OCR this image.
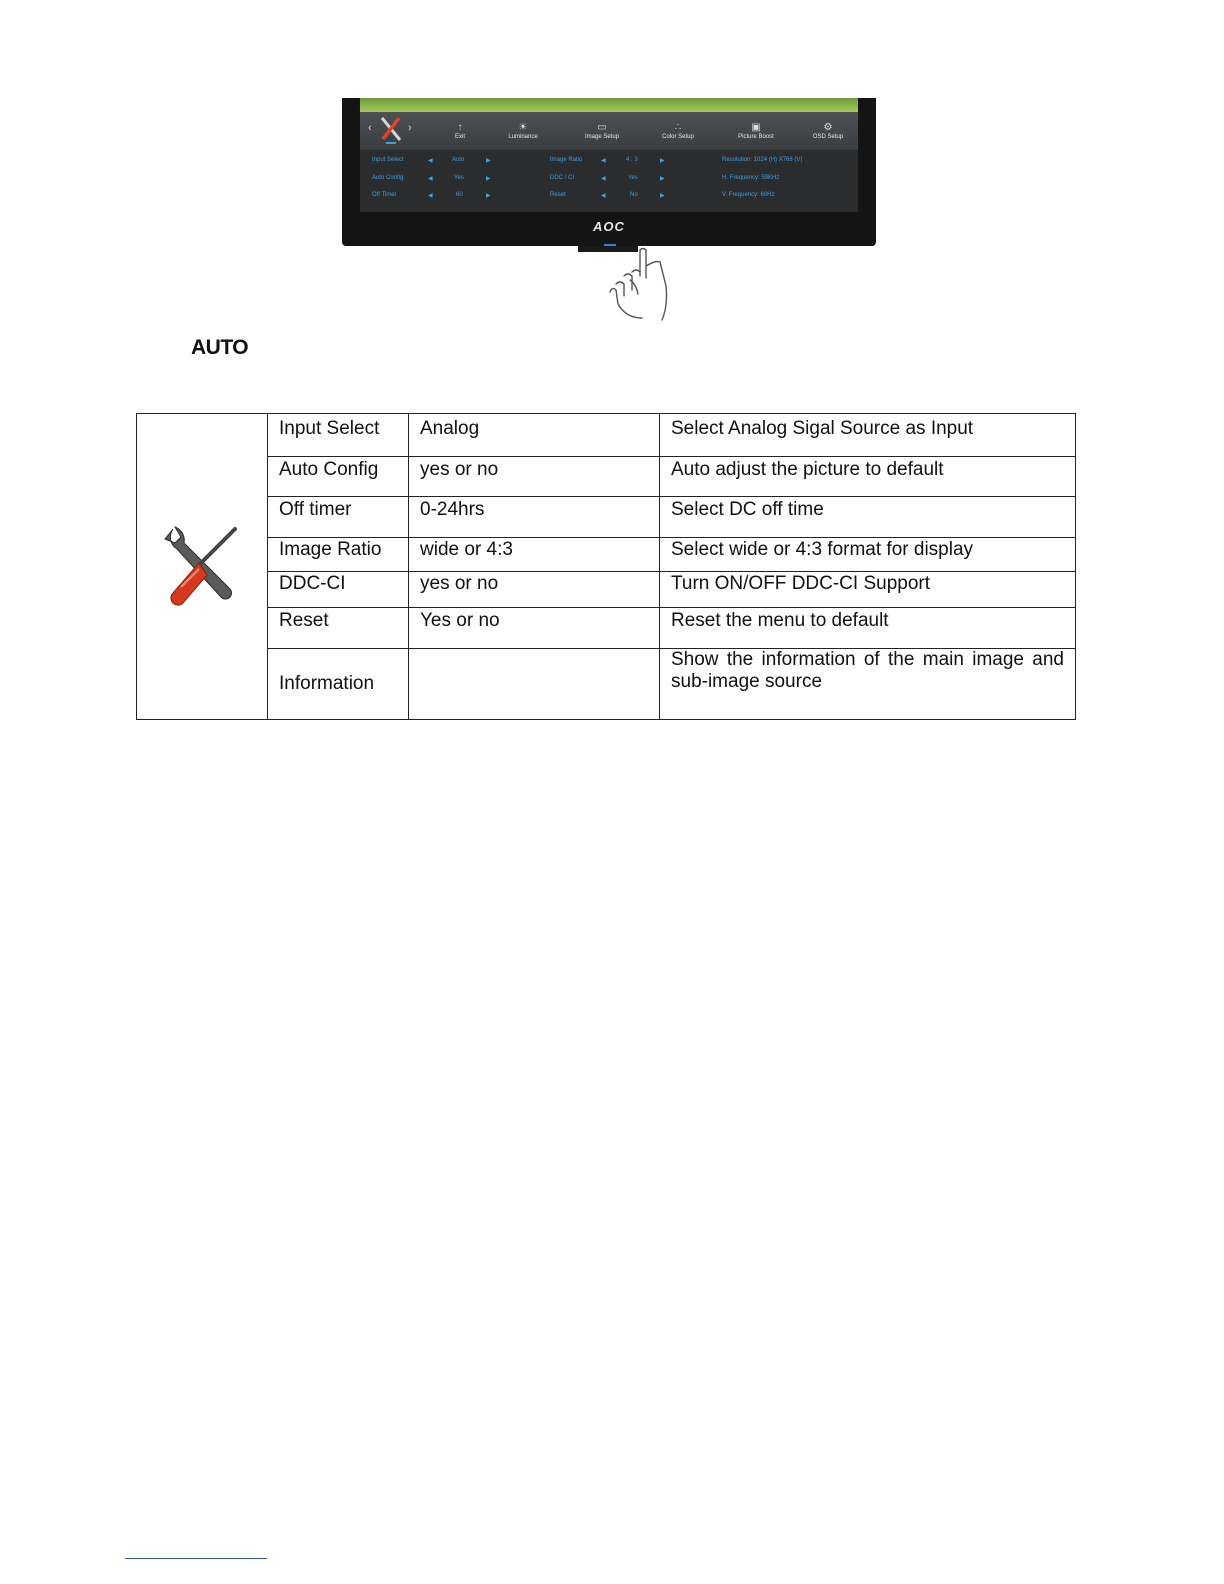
‹	›	↑
Exit
☀
Luminance
▭
Image Setup
∴
Color Setup
▣
Picture Boost
⚙
OSD Setup
Input Select	◀	Auto	▶	Image Ratio	◀	4 : 3	▶	Resolution: 1024 (H) X768 (V)
Auto Config.	◀	Yes	▶	DDC / CI	◀	Yes	▶	H. Frequency: 59KHz
Off Timer	◀	60	▶	Reset	◀	No	▶	V. Frequency: 60Hz
AOC
AUTO
	Input Select	Analog	Select Analog Sigal Source as Input
	Auto Config	yes or no	Auto adjust the picture to default
	Off timer	0-24hrs	Select DC off time
	Image Ratio	wide or 4:3	Select wide or 4:3 format for display
	DDC-CI	yes or no	Turn ON/OFF DDC-CI Support
	Reset	Yes or no	Reset the menu to default
	Information		Show the information of the main image and sub-image source
